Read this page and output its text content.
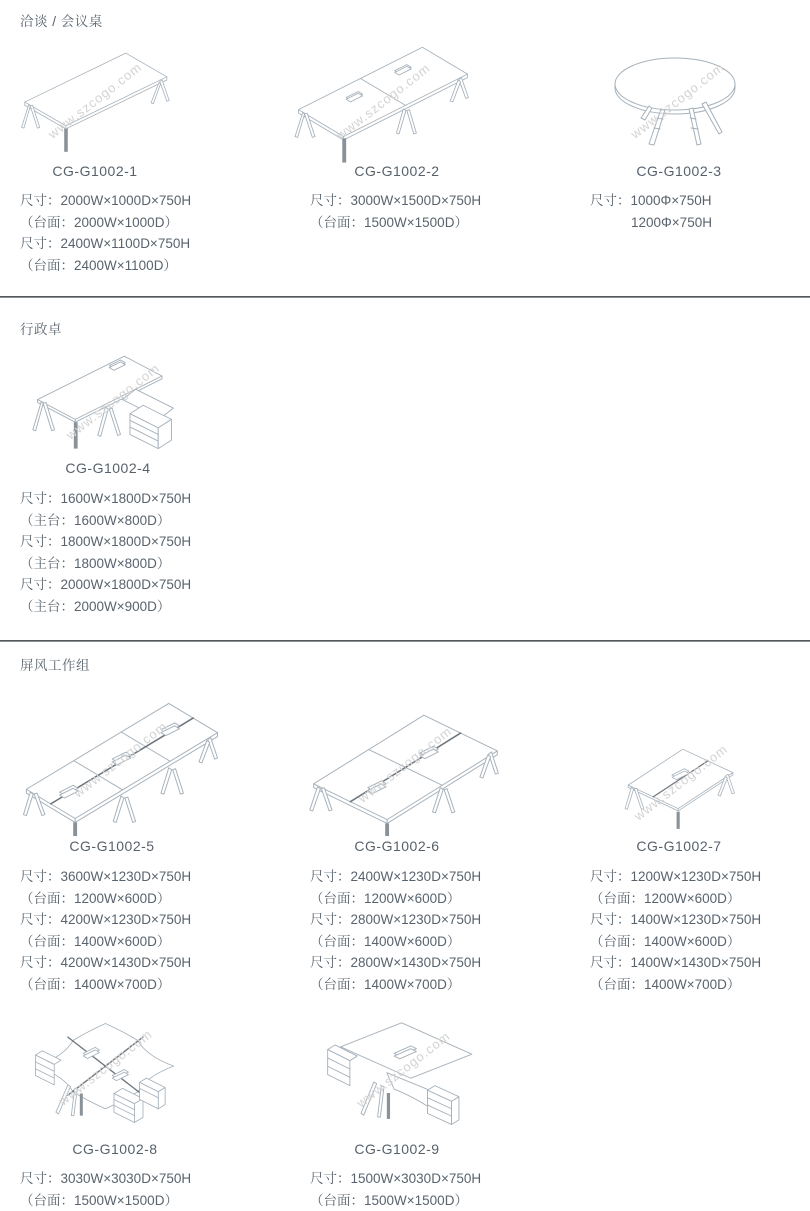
洽谈 / 会议桌
www.szcogo.com
CG-G1002-1
尺寸：2000W×1000D×750H
（台面：2000W×1000D）
尺寸：2400W×1100D×750H
（台面：2400W×1100D）
www.szcogo.com
CG-G1002-2
尺寸：3000W×1500D×750H
（台面：1500W×1500D）
www.szcogo.com
CG-G1002-3
尺寸：1000Φ×750H
1200Φ×750H
行政卓
www.szcogo.com
CG-G1002-4
尺寸：1600W×1800D×750H
（主台：1600W×800D）
尺寸：1800W×1800D×750H
（主台：1800W×800D）
尺寸：2000W×1800D×750H
（主台：2000W×900D）
屏风工作组
www.szcogo.com
CG-G1002-5
尺寸：3600W×1230D×750H
（台面：1200W×600D）
尺寸：4200W×1230D×750H
（台面：1400W×600D）
尺寸：4200W×1430D×750H
（台面：1400W×700D）
www.szcogo.com
CG-G1002-6
尺寸：2400W×1230D×750H
（台面：1200W×600D）
尺寸：2800W×1230D×750H
（台面：1400W×600D）
尺寸：2800W×1430D×750H
（台面：1400W×700D）
www.szcogo.com
CG-G1002-7
尺寸：1200W×1230D×750H
（台面：1200W×600D）
尺寸：1400W×1230D×750H
（台面：1400W×600D）
尺寸：1400W×1430D×750H
（台面：1400W×700D）
www.szcogo.com
CG-G1002-8
尺寸：3030W×3030D×750H
（台面：1500W×1500D）
www.szcogo.com
CG-G1002-9
尺寸：1500W×3030D×750H
（台面：1500W×1500D）
